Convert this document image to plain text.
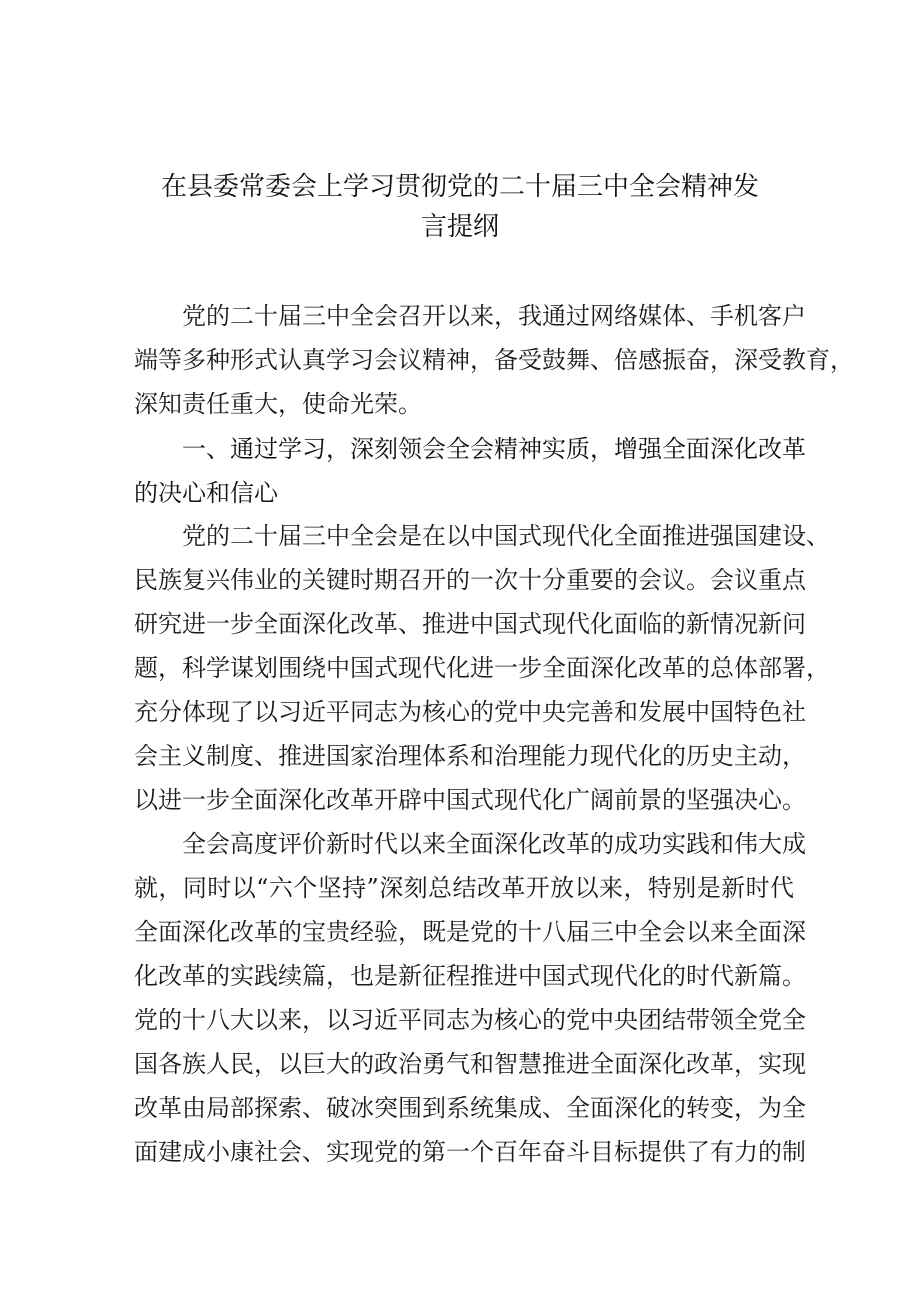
在县委常委会上学习贯彻党的二十届三中全会精神发
言提纲
党的二十届三中全会召开以来，我通过网络媒体、手机客户
端等多种形式认真学习会议精神，备受鼓舞、倍感振奋，深受教育，
深知责任重大，使命光荣。
一、通过学习，深刻领会全会精神实质，增强全面深化改革
的决心和信心
党的二十届三中全会是在以中国式现代化全面推进强国建设、
民族复兴伟业的关键时期召开的一次十分重要的会议。会议重点
研究进一步全面深化改革、推进中国式现代化面临的新情况新问
题，科学谋划围绕中国式现代化进一步全面深化改革的总体部署，
充分体现了以习近平同志为核心的党中央完善和发展中国特色社
会主义制度、推进国家治理体系和治理能力现代化的历史主动，
以进一步全面深化改革开辟中国式现代化广阔前景的坚强决心。
全会高度评价新时代以来全面深化改革的成功实践和伟大成
就，同时以“六个坚持”深刻总结改革开放以来，特别是新时代
全面深化改革的宝贵经验，既是党的十八届三中全会以来全面深
化改革的实践续篇，也是新征程推进中国式现代化的时代新篇。
党的十八大以来，以习近平同志为核心的党中央团结带领全党全
国各族人民，以巨大的政治勇气和智慧推进全面深化改革，实现
改革由局部探索、破冰突围到系统集成、全面深化的转变，为全
面建成小康社会、实现党的第一个百年奋斗目标提供了有力的制
